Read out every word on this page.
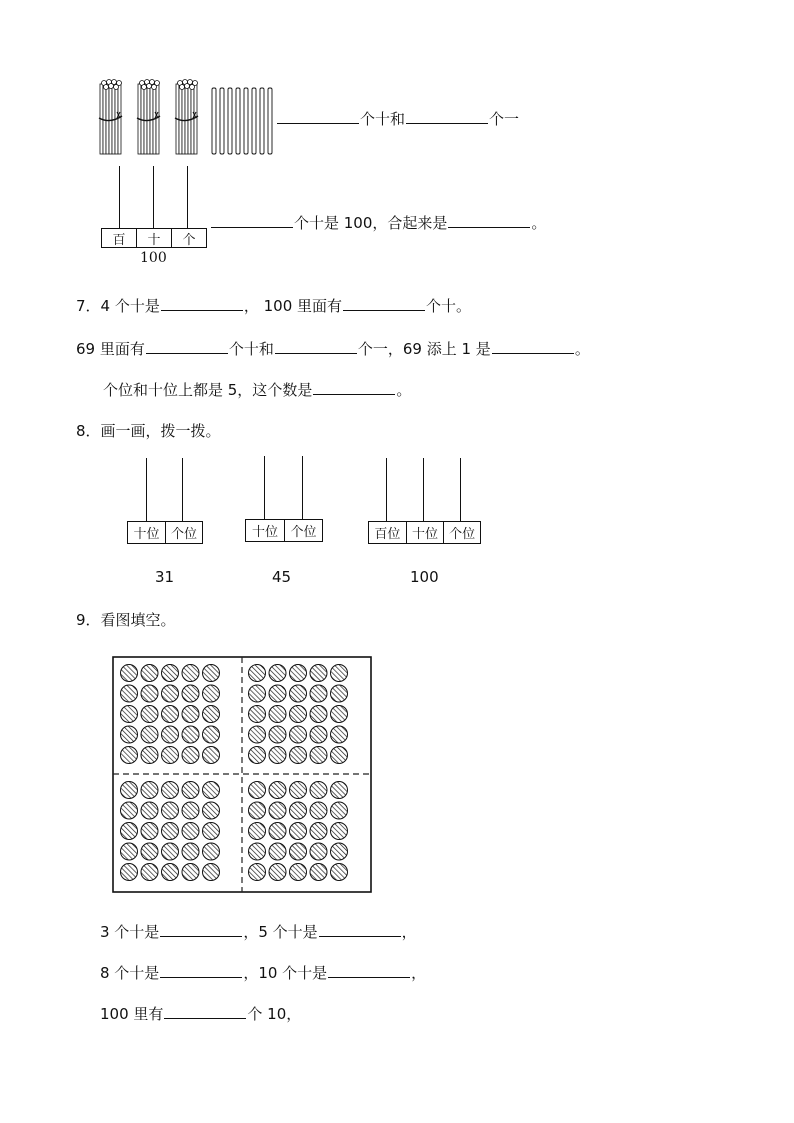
个十和	个一
百	十	个
100
个十是 100，合起来是	。
7．4 个十是	， 100 里面有	个十。
69 里面有	个十和	个一，69 添上 1 是	。
个位和十位上都是 5，这个数是	。
8．画一画，拨一拨。
十位 个位
31
十位 个位
45
百位 十位 个位
100
9．看图填空。
3 个十是	，5 个十是	，
8 个十是	，10 个十是	，
100 里有	个 10，
